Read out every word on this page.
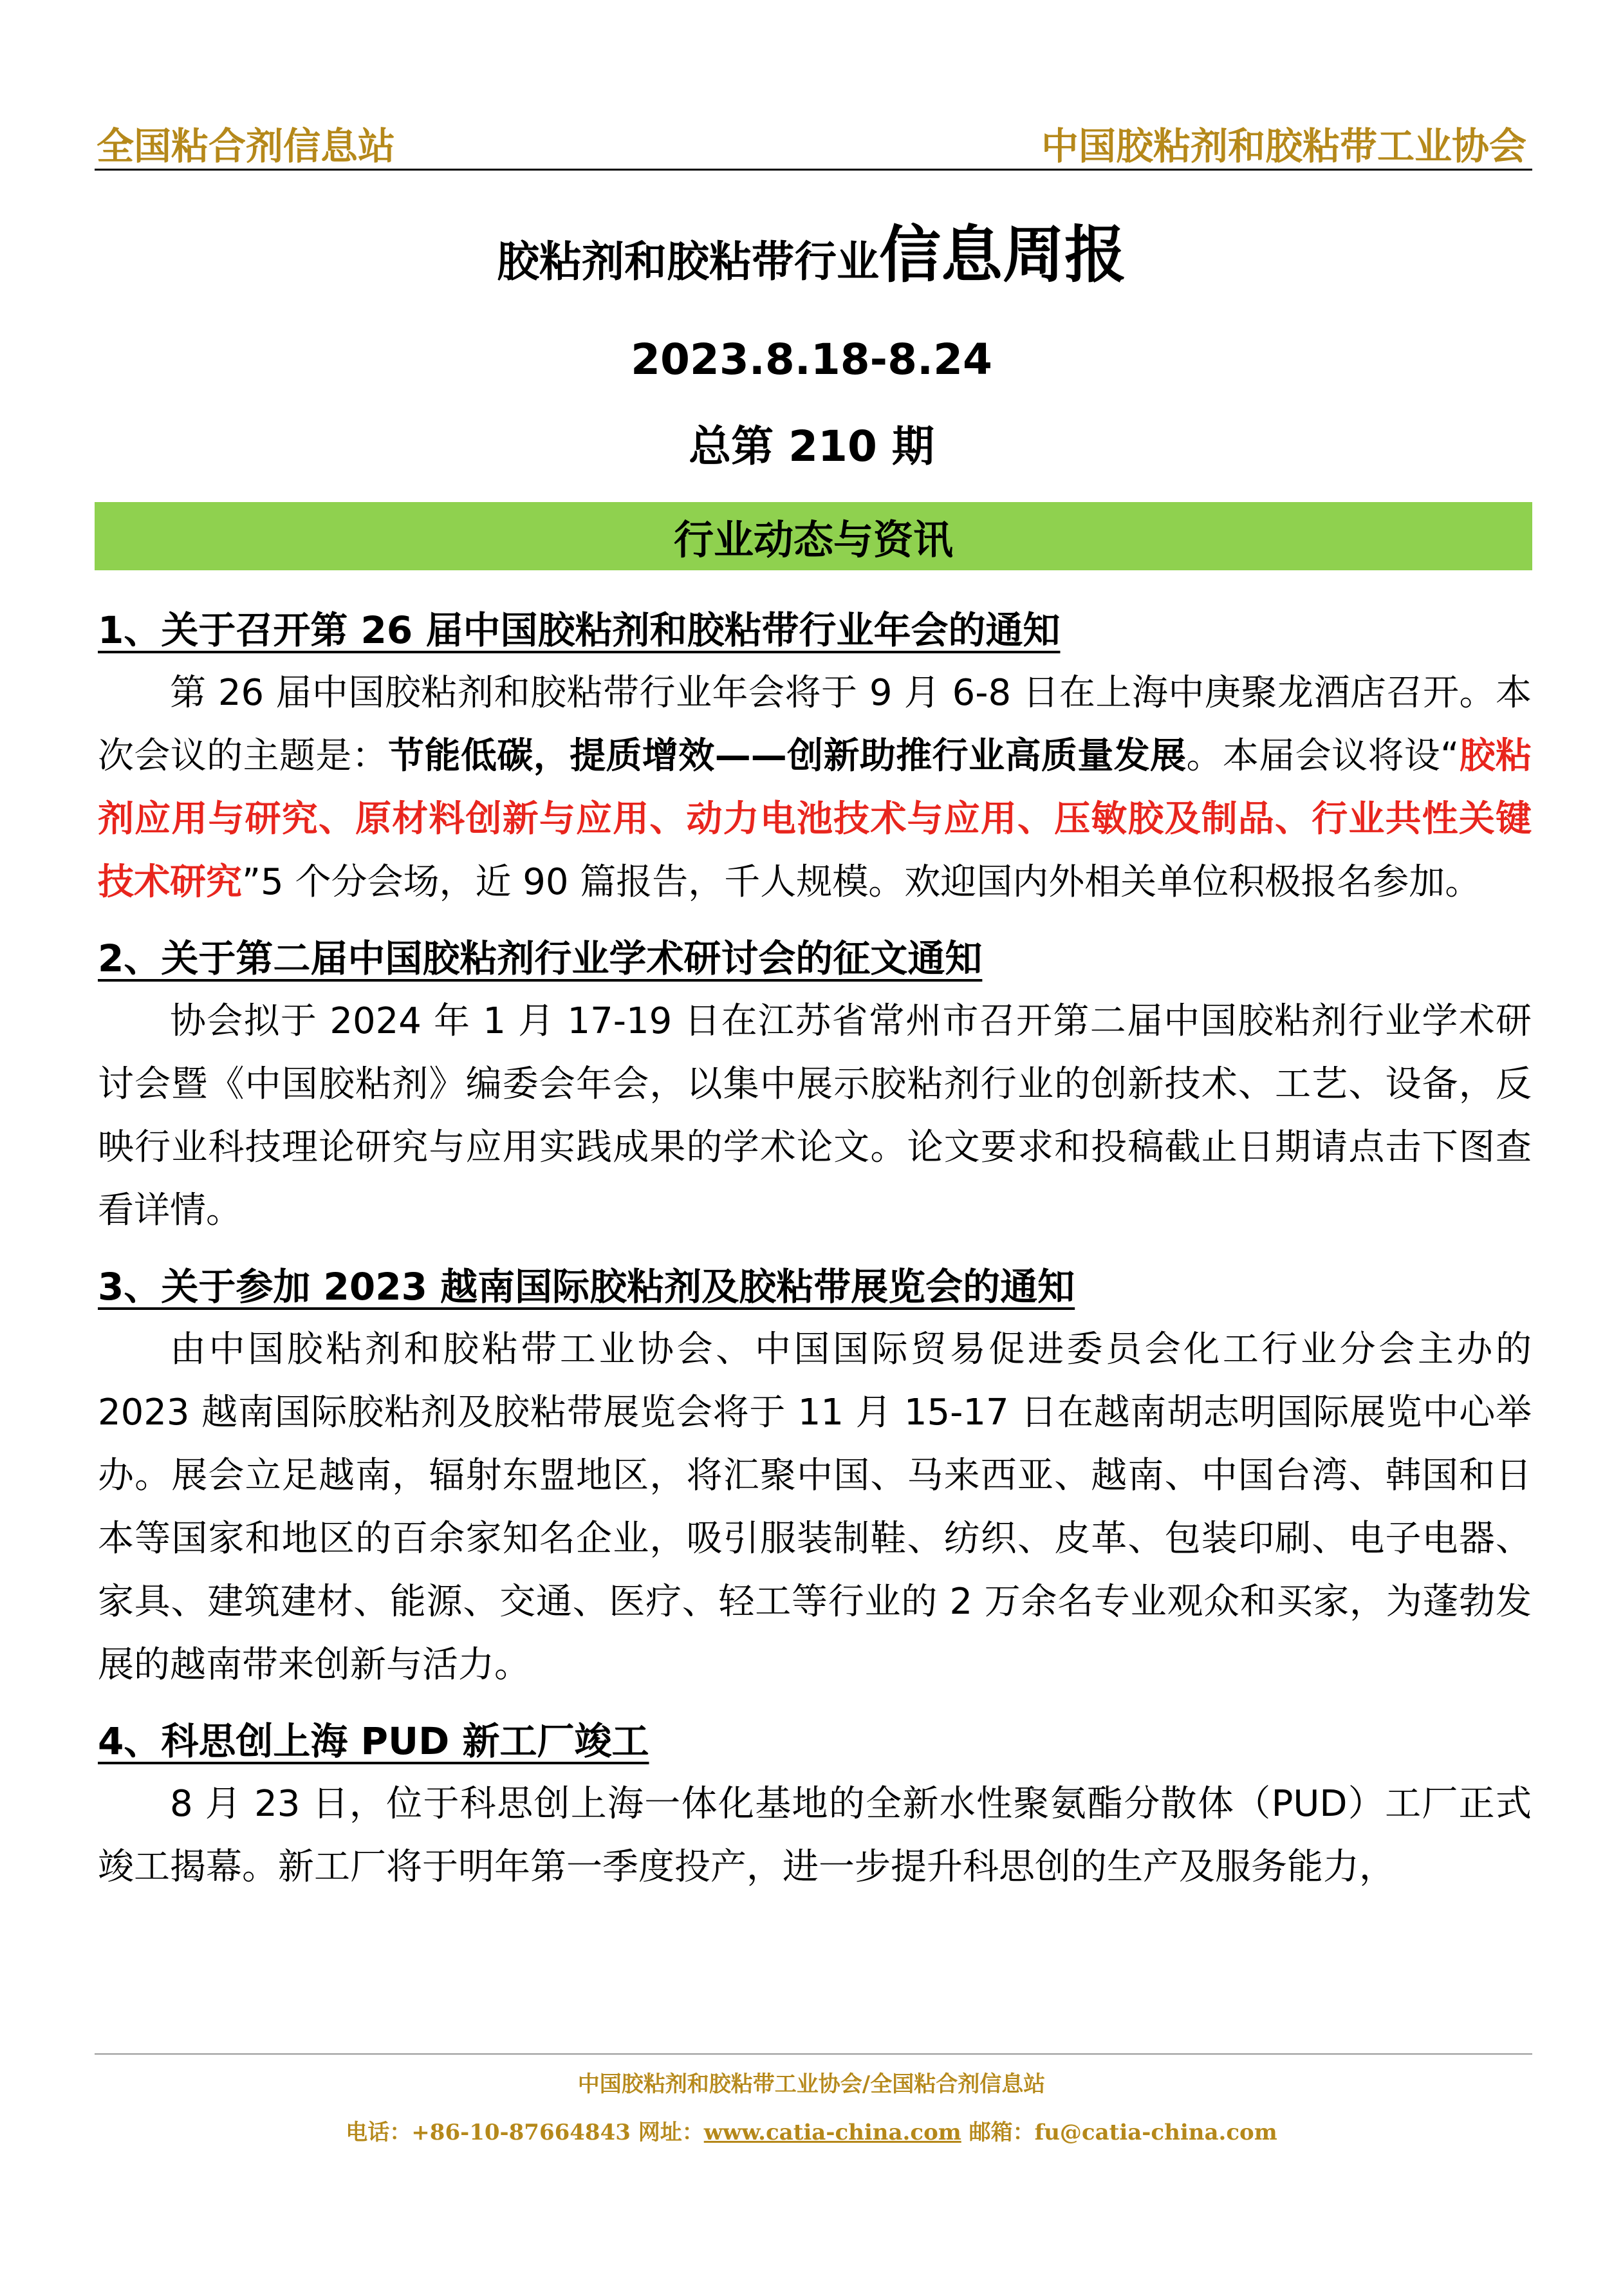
全国粘合剂信息站	中国胶粘剂和胶粘带工业协会
胶粘剂和胶粘带行业信息周报
2023.8.18-8.24
总第 210 期
行业动态与资讯
1、关于召开第 26 届中国胶粘剂和胶粘带行业年会的通知

第 26 届中国胶粘剂和胶粘带行业年会将于 9 月 6-8 日在上海中庚聚龙酒店召开。本次会议的主题是：节能低碳，提质增效——创新助推行业高质量发展。本届会议将设“胶粘剂应用与研究、原材料创新与应用、动力电池技术与应用、压敏胶及制品、行业共性关键技术研究”5 个分会场，近 90 篇报告，千人规模。欢迎国内外相关单位积极报名参加。

2、关于第二届中国胶粘剂行业学术研讨会的征文通知

协会拟于 2024 年 1 月 17-19 日在江苏省常州市召开第二届中国胶粘剂行业学术研讨会暨《中国胶粘剂》编委会年会，以集中展示胶粘剂行业的创新技术、工艺、设备，反映行业科技理论研究与应用实践成果的学术论文。论文要求和投稿截止日期请点击下图查看详情。

3、关于参加 2023 越南国际胶粘剂及胶粘带展览会的通知

由中国胶粘剂和胶粘带工业协会、中国国际贸易促进委员会化工行业分会主办的 2023 越南国际胶粘剂及胶粘带展览会将于 11 月 15-17 日在越南胡志明国际展览中心举办。展会立足越南，辐射东盟地区，将汇聚中国、马来西亚、越南、中国台湾、韩国和日本等国家和地区的百余家知名企业，吸引服装制鞋、纺织、皮革、包装印刷、电子电器、家具、建筑建材、能源、交通、医疗、轻工等行业的 2 万余名专业观众和买家，为蓬勃发展的越南带来创新与活力。

4、科思创上海 PUD 新工厂竣工

8 月 23 日，位于科思创上海一体化基地的全新水性聚氨酯分散体（PUD）工厂正式竣工揭幕。新工厂将于明年第一季度投产，进一步提升科思创的生产及服务能力，

中国胶粘剂和胶粘带工业协会/全国粘合剂信息站
电话：+86-10-87664843 网址：www.catia-china.com 邮箱：fu@catia-china.com
